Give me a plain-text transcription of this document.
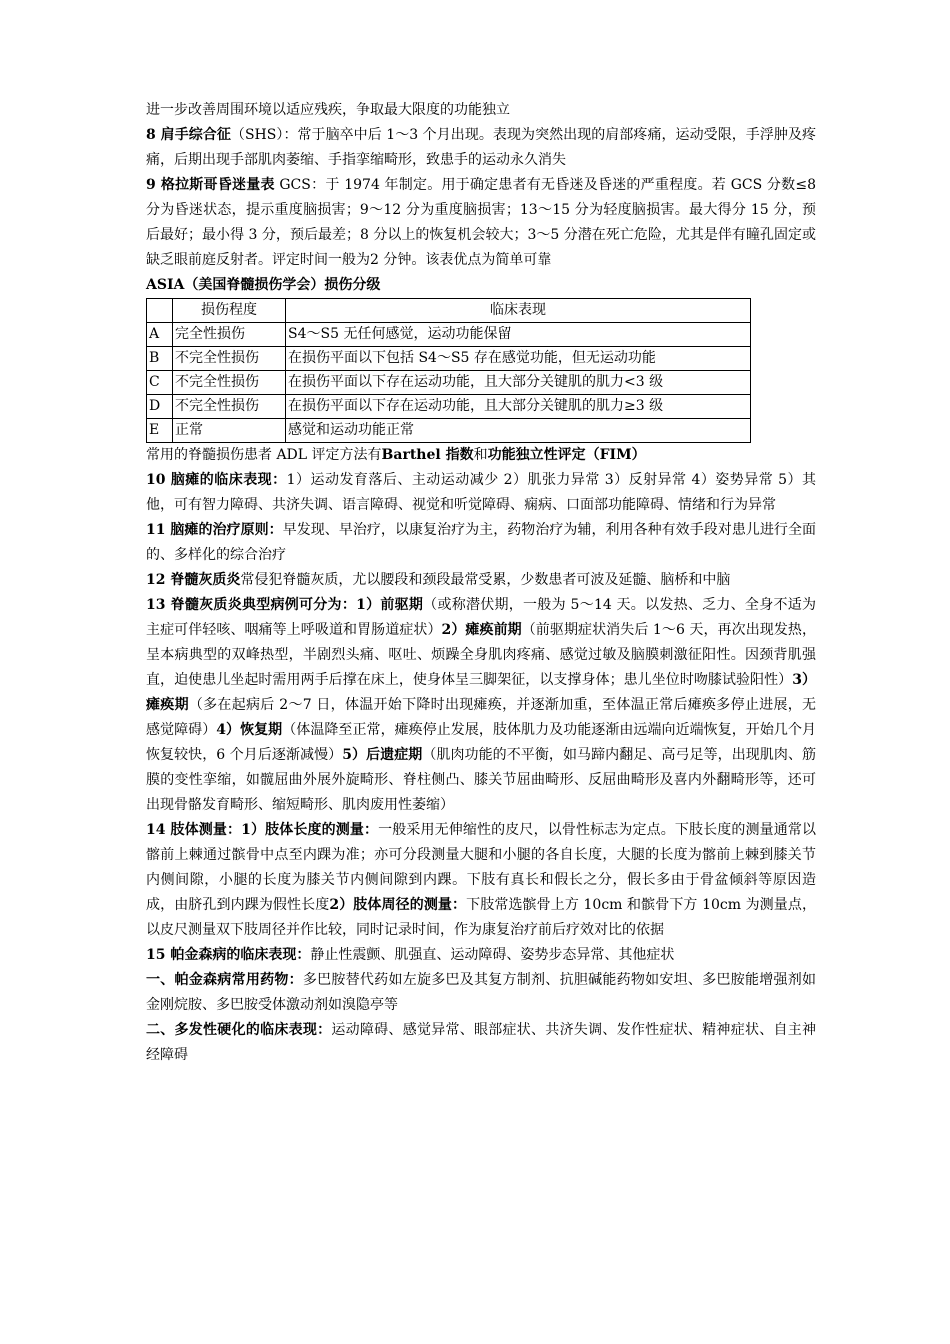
进一步改善周围环境以适应残疾，争取最大限度的功能独立

8 肩手综合征（SHS）：常于脑卒中后 1～3 个月出现。表现为突然出现的肩部疼痛，运动受限，手浮肿及疼痛，后期出现手部肌肉萎缩、手指挛缩畸形，致患手的运动永久消失

9 格拉斯哥昏迷量表 GCS：于 1974 年制定。用于确定患者有无昏迷及昏迷的严重程度。若 GCS 分数≤8 分为昏迷状态，提示重度脑损害；9～12 分为重度脑损害；13～15 分为轻度脑损害。最大得分 15 分，预后最好；最小得 3 分，预后最差；8 分以上的恢复机会较大；3～5 分潜在死亡危险，尤其是伴有瞳孔固定或缺乏眼前庭反射者。评定时间一般为2 分钟。该表优点为简单可靠

ASIA（美国脊髓损伤学会）损伤分级

	损伤程度	临床表现
A	完全性损伤	S4～S5 无任何感觉，运动功能保留
B	不完全性损伤	在损伤平面以下包括 S4～S5 存在感觉功能，但无运动功能
C	不完全性损伤	在损伤平面以下存在运动功能，且大部分关键肌的肌力<3 级
D	不完全性损伤	在损伤平面以下存在运动功能，且大部分关键肌的肌力≥3 级
E	正常	感觉和运动功能正常

常用的脊髓损伤患者 ADL 评定方法有Barthel 指数和功能独立性评定（FIM）

10 脑瘫的临床表现：1）运动发育落后、主动运动减少 2）肌张力异常 3）反射异常 4）姿势异常 5）其他，可有智力障碍、共济失调、语言障碍、视觉和听觉障碍、痫病、口面部功能障碍、情绪和行为异常

11 脑瘫的治疗原则：早发现、早治疗，以康复治疗为主，药物治疗为辅，利用各种有效手段对患儿进行全面的、多样化的综合治疗

12 脊髓灰质炎常侵犯脊髓灰质，尤以腰段和颈段最常受累，少数患者可波及延髓、脑桥和中脑

13 脊髓灰质炎典型病例可分为：1）前驱期（或称潜伏期，一般为 5～14 天。以发热、乏力、全身不适为主症可伴轻咳、咽痛等上呼吸道和胃肠道症状）2）瘫痪前期（前驱期症状消失后 1～6 天，再次出现发热，呈本病典型的双峰热型，半剧烈头痛、呕吐、烦躁全身肌肉疼痛、感觉过敏及脑膜刺激征阳性。因颈背肌强直，迫使患儿坐起时需用两手后撑在床上，使身体呈三脚架征，以支撑身体；患儿坐位时吻膝试验阳性）3）瘫痪期（多在起病后 2～7 日，体温开始下降时出现瘫痪，并逐渐加重，至体温正常后瘫痪多停止进展，无感觉障碍）4）恢复期（体温降至正常，瘫痪停止发展，肢体肌力及功能逐渐由远端向近端恢复，开始几个月恢复较快，6 个月后逐渐减慢）5）后遗症期（肌肉功能的不平衡，如马蹄内翻足、高弓足等，出现肌肉、筋膜的变性挛缩，如髋屈曲外展外旋畸形、脊柱侧凸、膝关节屈曲畸形、反屈曲畸形及喜内外翻畸形等，还可出现骨骼发育畸形、缩短畸形、肌肉废用性萎缩）

14 肢体测量：1）肢体长度的测量：一般采用无伸缩性的皮尺，以骨性标志为定点。下肢长度的测量通常以髂前上棘通过髌骨中点至内踝为准；亦可分段测量大腿和小腿的各自长度，大腿的长度为髂前上棘到膝关节内侧间隙，小腿的长度为膝关节内侧间隙到内踝。下肢有真长和假长之分，假长多由于骨盆倾斜等原因造成，由脐孔到内踝为假性长度2）肢体周径的测量：下肢常选髌骨上方 10cm 和髌骨下方 10cm 为测量点，以皮尺测量双下肢周径并作比较，同时记录时间，作为康复治疗前后疗效对比的依据

15 帕金森病的临床表现：静止性震颤、肌强直、运动障碍、姿势步态异常、其他症状

一、帕金森病常用药物：多巴胺替代药如左旋多巴及其复方制剂、抗胆碱能药物如安坦、多巴胺能增强剂如金刚烷胺、多巴胺受体激动剂如溴隐亭等

二、多发性硬化的临床表现：运动障碍、感觉异常、眼部症状、共济失调、发作性症状、精神症状、自主神经障碍
